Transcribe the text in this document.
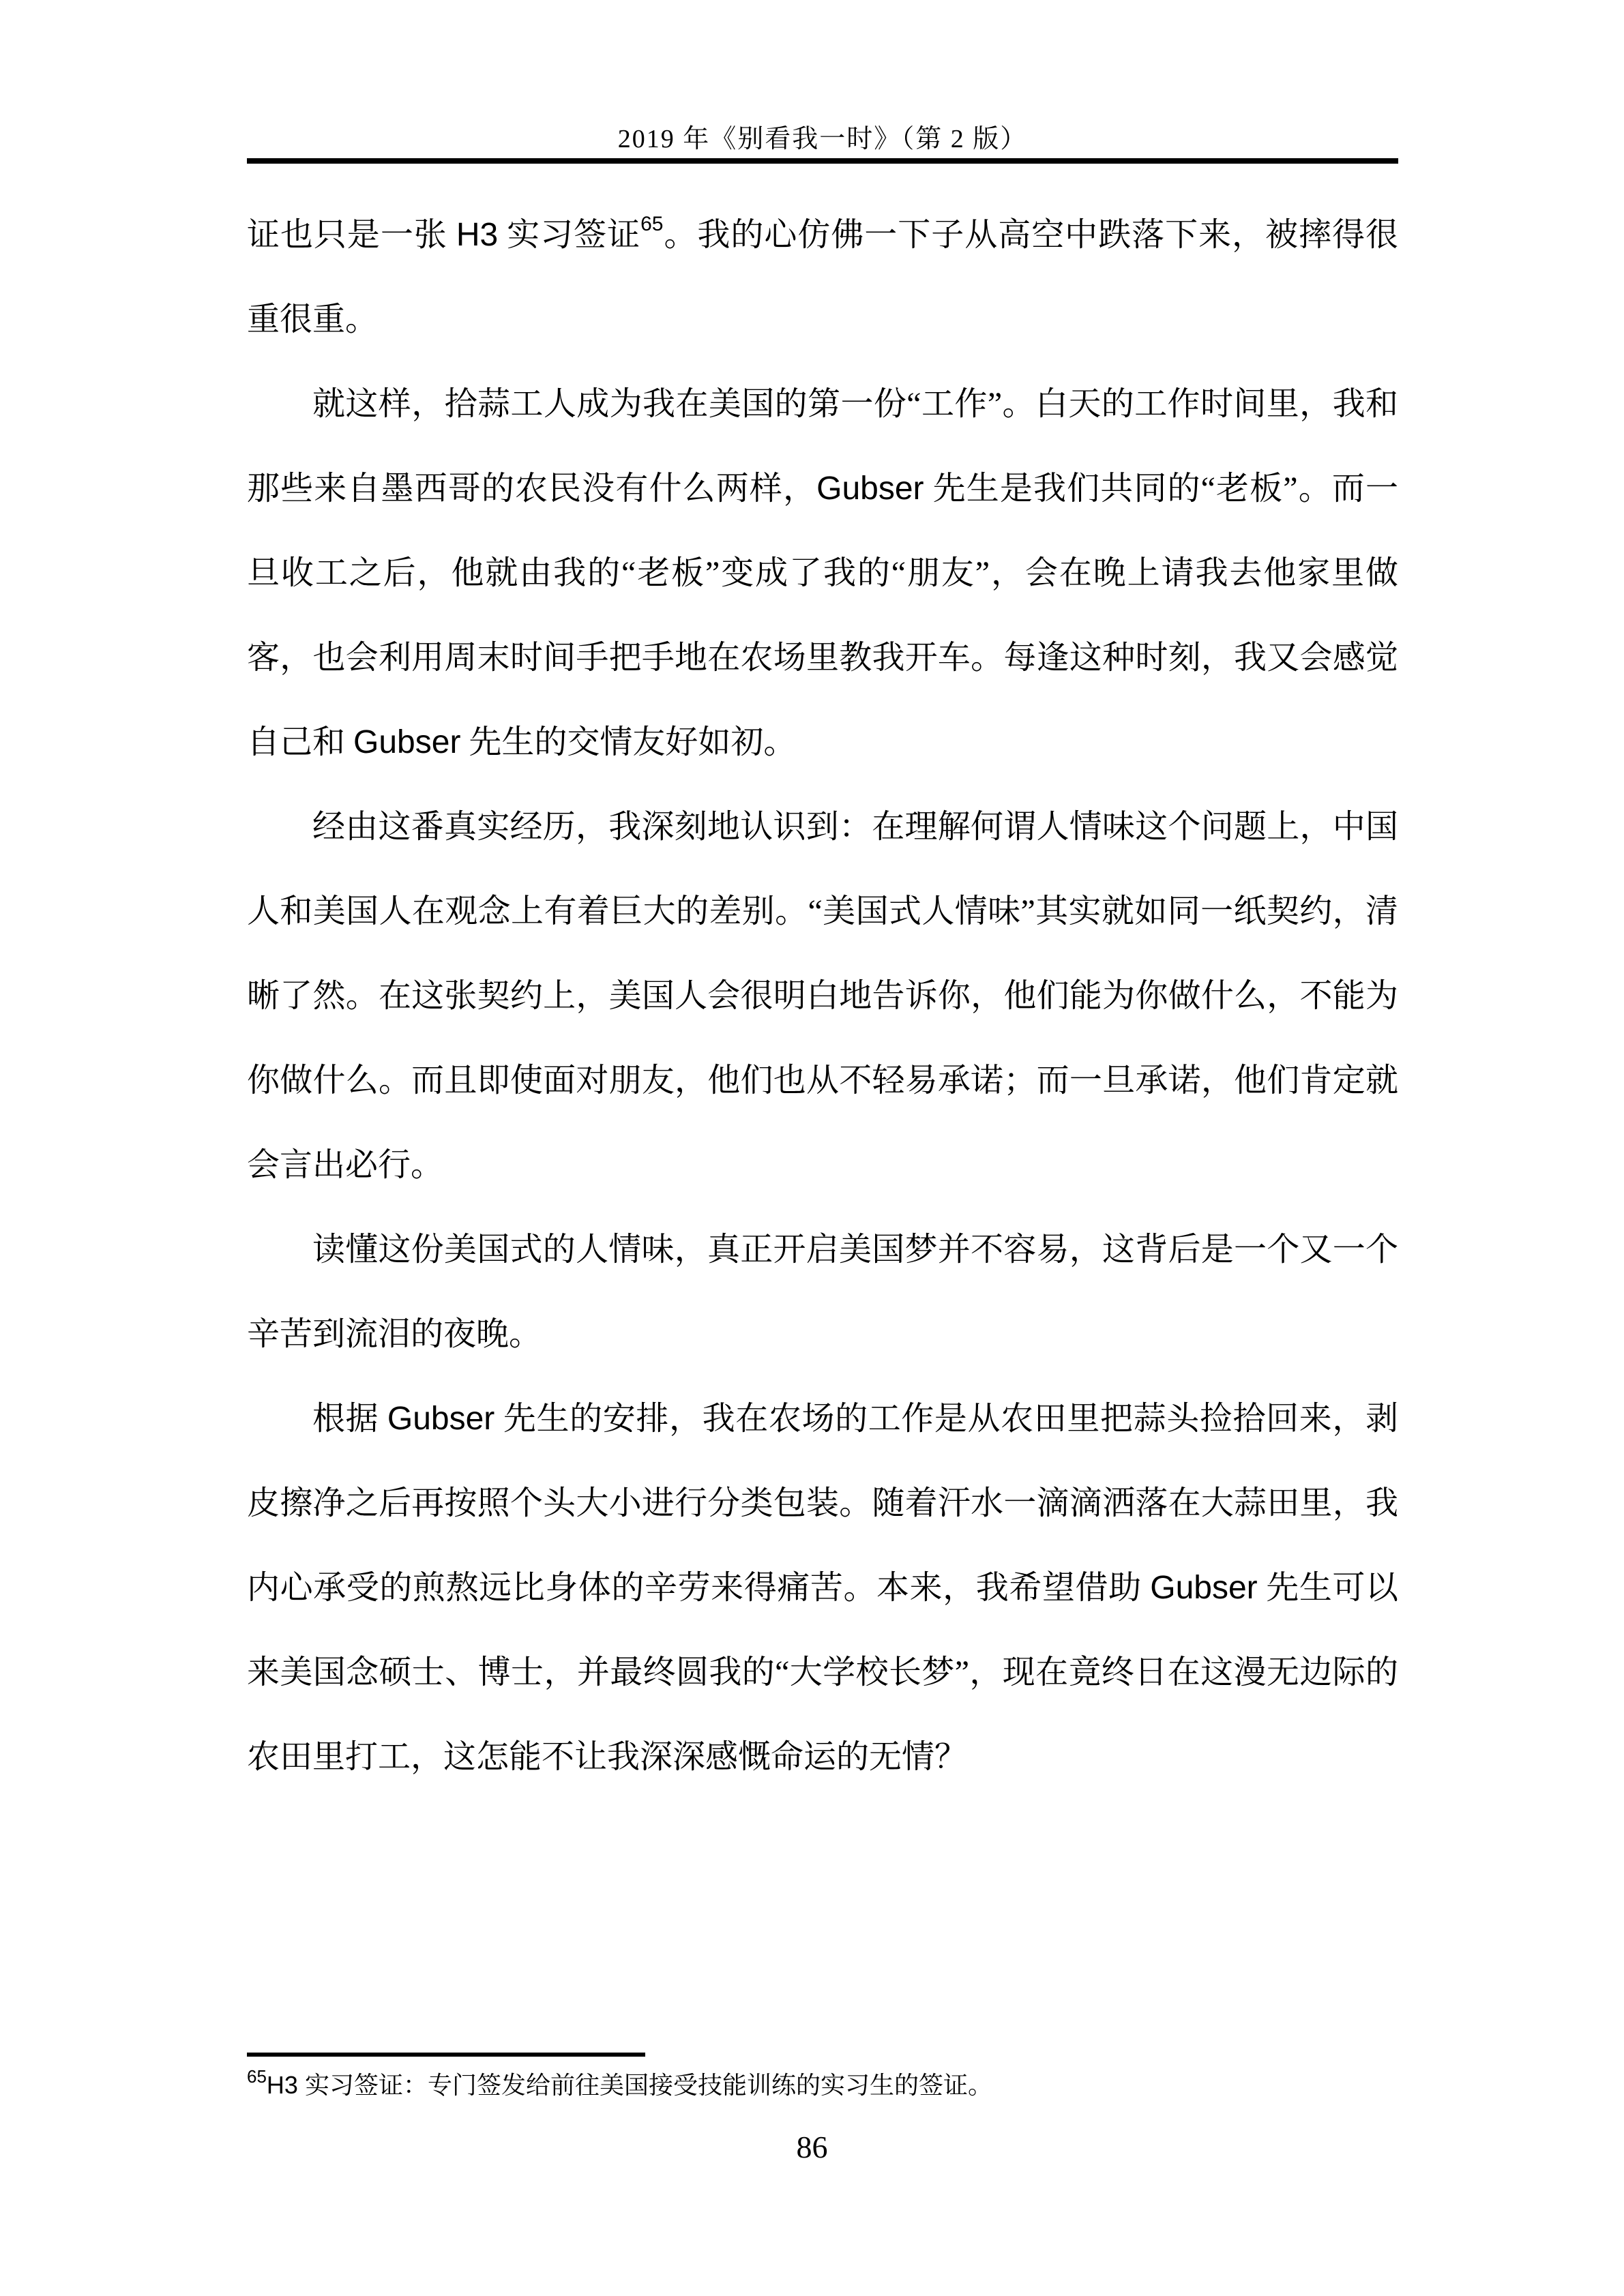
2019 年《别看我一时》（第 2 版）

证也只是一张 H3 实习签证$^{65}$。我的心仿佛一下子从高空中跌落下来，被摔得很重很重。

就这样，拾蒜工人成为我在美国的第一份“工作”。白天的工作时间里，我和那些来自墨西哥的农民没有什么两样，Gubser 先生是我们共同的“老板”。而一旦收工之后，他就由我的“老板”变成了我的“朋友”，会在晚上请我去他家里做客，也会利用周末时间手把手地在农场里教我开车。每逢这种时刻，我又会感觉自己和 Gubser 先生的交情友好如初。

经由这番真实经历，我深刻地认识到：在理解何谓人情味这个问题上，中国人和美国人在观念上有着巨大的差别。“美国式人情味”其实就如同一纸契约，清晰了然。在这张契约上，美国人会很明白地告诉你，他们能为你做什么，不能为你做什么。而且即使面对朋友，他们也从不轻易承诺；而一旦承诺，他们肯定就会言出必行。

读懂这份美国式的人情味，真正开启美国梦并不容易，这背后是一个又一个辛苦到流泪的夜晚。

根据 Gubser 先生的安排，我在农场的工作是从农田里把蒜头捡拾回来，剥皮擦净之后再按照个头大小进行分类包装。随着汗水一滴滴洒落在大蒜田里，我内心承受的煎熬远比身体的辛劳来得痛苦。本来，我希望借助 Gubser 先生可以来美国念硕士、博士，并最终圆我的“大学校长梦”，现在竟终日在这漫无边际的农田里打工，这怎能不让我深深感慨命运的无情？

$^{65}$H3 实习签证：专门签发给前往美国接受技能训练的实习生的签证。
86
